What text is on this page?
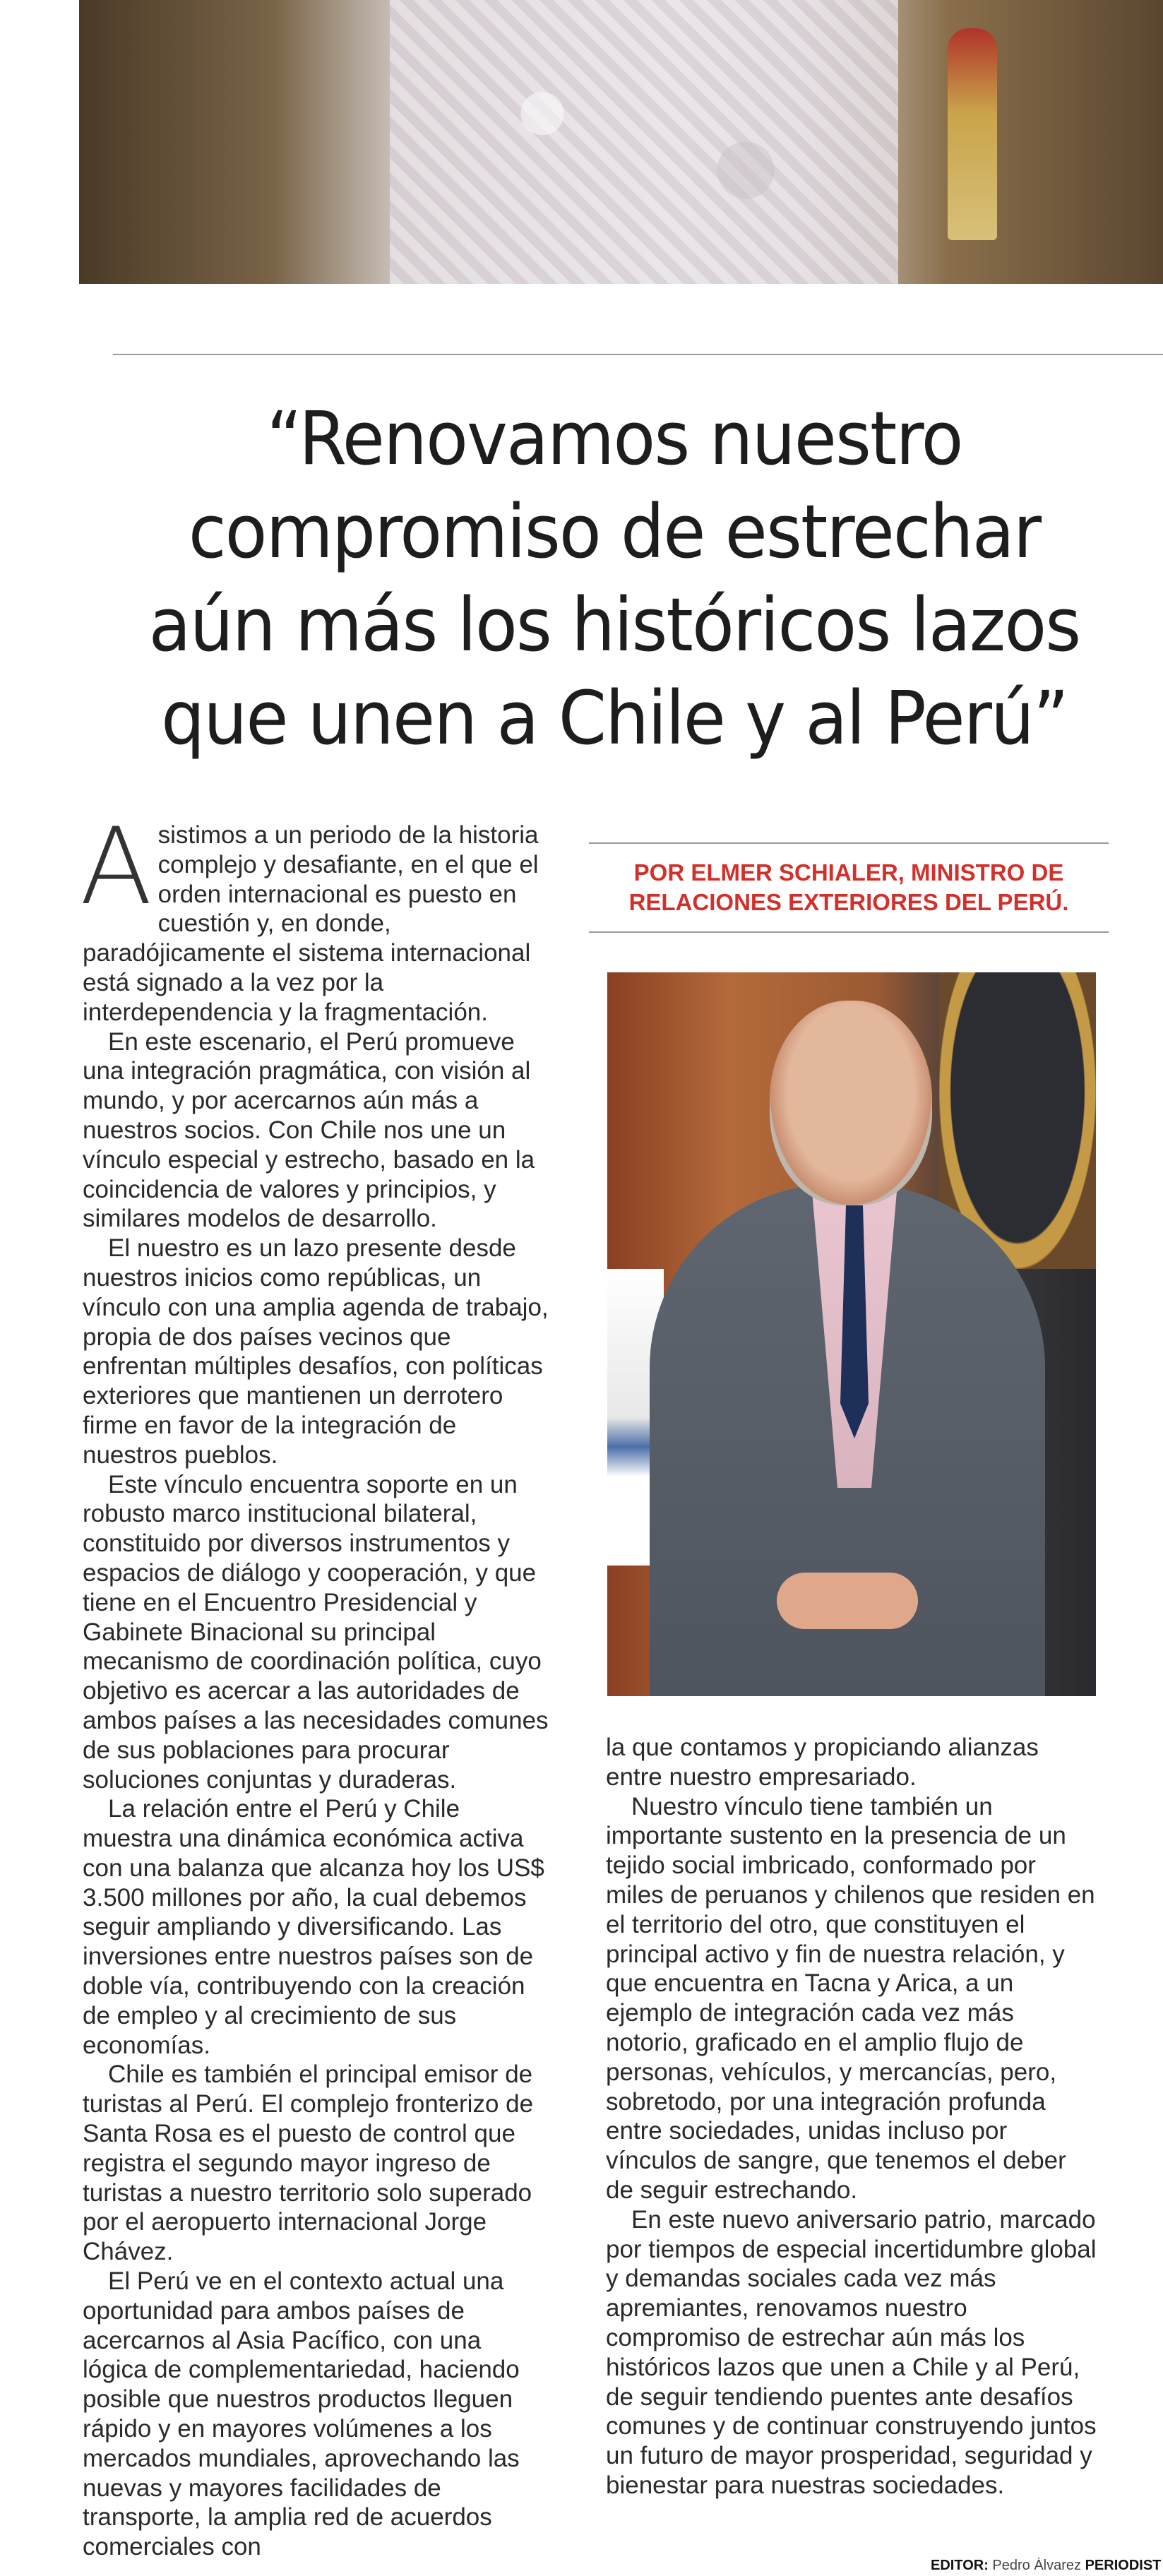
“Renovamos nuestro compromiso de estrechar aún más los históricos lazos que unen a Chile y al Perú”

Asistimos a un periodo de la historia complejo y desafiante, en el que el orden internacional es puesto en cuestión y, en donde, paradójicamente el sistema internacional está signado a la vez por la interdependencia y la fragmentación.

En este escenario, el Perú promueve una integración pragmática, con visión al mundo, y por acercarnos aún más a nuestros socios. Con Chile nos une un vínculo especial y estrecho, basado en la coincidencia de valores y principios, y similares modelos de desarrollo.

El nuestro es un lazo presente desde nuestros inicios como repúblicas, un vínculo con una amplia agenda de trabajo, propia de dos países vecinos que enfrentan múltiples desafíos, con políticas exteriores que mantienen un derrotero firme en favor de la integración de nuestros pueblos.

Este vínculo encuentra soporte en un robusto marco institucional bilateral, constituido por diversos instrumentos y espacios de diálogo y cooperación, y que tiene en el Encuentro Presidencial y Gabinete Binacional su principal mecanismo de coordinación política, cuyo objetivo es acercar a las autoridades de ambos países a las necesidades comunes de sus poblaciones para procurar soluciones conjuntas y duraderas.

La relación entre el Perú y Chile muestra una dinámica económica activa con una balanza que alcanza hoy los US$ 3.500 millones por año, la cual debemos seguir ampliando y diversificando. Las inversiones entre nuestros países son de doble vía, contribuyendo con la creación de empleo y al crecimiento de sus economías.

Chile es también el principal emisor de turistas al Perú. El complejo fronterizo de Santa Rosa es el puesto de control que registra el segundo mayor ingreso de turistas a nuestro territorio solo superado por el aeropuerto internacional Jorge Chávez.

El Perú ve en el contexto actual una oportunidad para ambos países de acercarnos al Asia Pacífico, con una lógica de complementariedad, haciendo posible que nuestros productos lleguen rápido y en mayores volúmenes a los mercados mundiales, aprovechando las nuevas y mayores facilidades de transporte, la amplia red de acuerdos comerciales con

POR ELMER SCHIALER, MINISTRO DE RELACIONES EXTERIORES DEL PERÚ.

la que contamos y propiciando alianzas entre nuestro empresariado.

Nuestro vínculo tiene también un importante sustento en la presencia de un tejido social imbricado, conformado por miles de peruanos y chilenos que residen en el territorio del otro, que constituyen el principal activo y fin de nuestra relación, y que encuentra en Tacna y Arica, a un ejemplo de integración cada vez más notorio, graficado en el amplio flujo de personas, vehículos, y mercancías, pero, sobretodo, por una integración profunda entre sociedades, unidas incluso por vínculos de sangre, que tenemos el deber de seguir estrechando.

En este nuevo aniversario patrio, marcado por tiempos de especial incertidumbre global y demandas sociales cada vez más apremiantes, renovamos nuestro compromiso de estrechar aún más los históricos lazos que unen a Chile y al Perú, de seguir tendiendo puentes ante desafíos comunes y de continuar construyendo juntos un futuro de mayor prosperidad, seguridad y bienestar para nuestras sociedades.

EDITOR: Pedro Álvarez PERIODIST
